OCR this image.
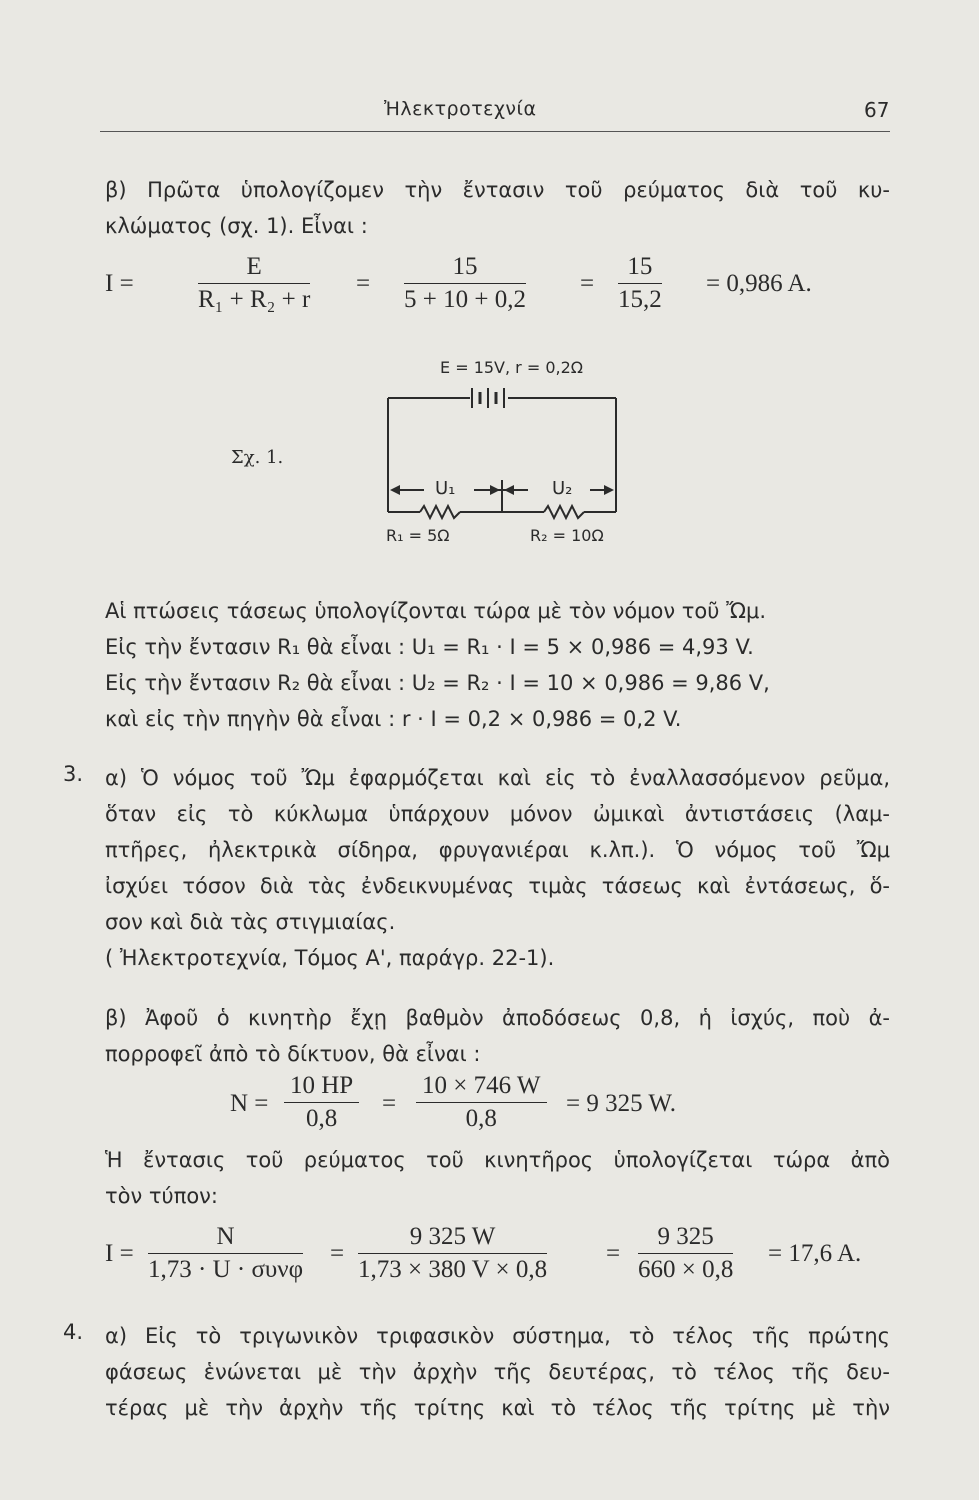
Ἠλεκτροτεχνία	67
β) Πρῶτα ὑπολογίζομεν τὴν ἔντασιν τοῦ ρεύματος διὰ τοῦ κυ-
κλώματος (σχ. 1). Εἶναι :
I =	$\frac{E}{\text{R₁ + R₂ + r}} = \frac{15}{5 + 10 + 0,2} = \frac{15}{15,2} = 0,986$ A.
Σχ. 1.
E = 15V, r = 0,2Ω
U₁	U₂
R₁ = 5Ω	R₂ = 10Ω
Αἱ πτώσεις τάσεως ὑπολογίζονται τώρα μὲ τὸν νόμον τοῦ Ὤμ.
Εἰς τὴν ἔντασιν R₁ θὰ εἶναι : U₁ = R₁ · I = 5 × 0,986 = 4,93 V.
Εἰς τὴν ἔντασιν R₂ θὰ εἶναι : U₂ = R₂ · I = 10 × 0,986 = 9,86 V,
καὶ εἰς τὴν πηγὴν θὰ εἶναι : r · I = 0,2 × 0,986 = 0,2 V.
3. α) Ὁ νόμος τοῦ Ὤμ ἐφαρμόζεται καὶ εἰς τὸ ἐναλλασσόμενον ρεῦμα,
ὅταν εἰς τὸ κύκλωμα ὑπάρχουν μόνον ὠμικαὶ ἀντιστάσεις (λαμ-
πτῆρες, ἠλεκτρικὰ σίδηρα, φρυγανιέραι κ.λπ.). Ὁ νόμος τοῦ Ὤμ
ἰσχύει τόσον διὰ τὰς ἐνδεικνυμένας τιμὰς τάσεως καὶ ἐντάσεως, ὅ-
σον καὶ διὰ τὰς στιγμιαίας.
( Ἠλεκτροτεχνία, Τόμος Α', παράγρ. 22-1).
β) Ἀφοῦ ὁ κινητὴρ ἔχῃ βαθμὸν ἀποδόσεως 0,8, ἡ ἰσχύς, ποὺ ἀ-
πορροφεῖ ἀπὸ τὸ δίκτυον, θὰ εἶναι :
$N = \frac{10 HP}{0,8} = \frac{10 \times 746 W}{0,8} = 9$ 325 W.
Ἡ ἔντασις τοῦ ρεύματος τοῦ κινητῆρος ὑπολογίζεται τώρα ἀπὸ
τὸν τύπον:
I =
N
1,73 · U · συνφ
= $\frac{9 325 W}{1,73 \times 380 V \times 0,8} = \frac{9 325}{660 \times 0,8} = 17,6$ A.
4. α) Εἰς τὸ τριγωνικὸν τριφασικὸν σύστημα, τὸ τέλος τῆς πρώτης
φάσεως ἑνώνεται μὲ τὴν ἀρχὴν τῆς δευτέρας, τὸ τέλος τῆς δευ-
τέρας μὲ τὴν ἀρχὴν τῆς τρίτης καὶ τὸ τέλος τῆς τρίτης μὲ τὴν
